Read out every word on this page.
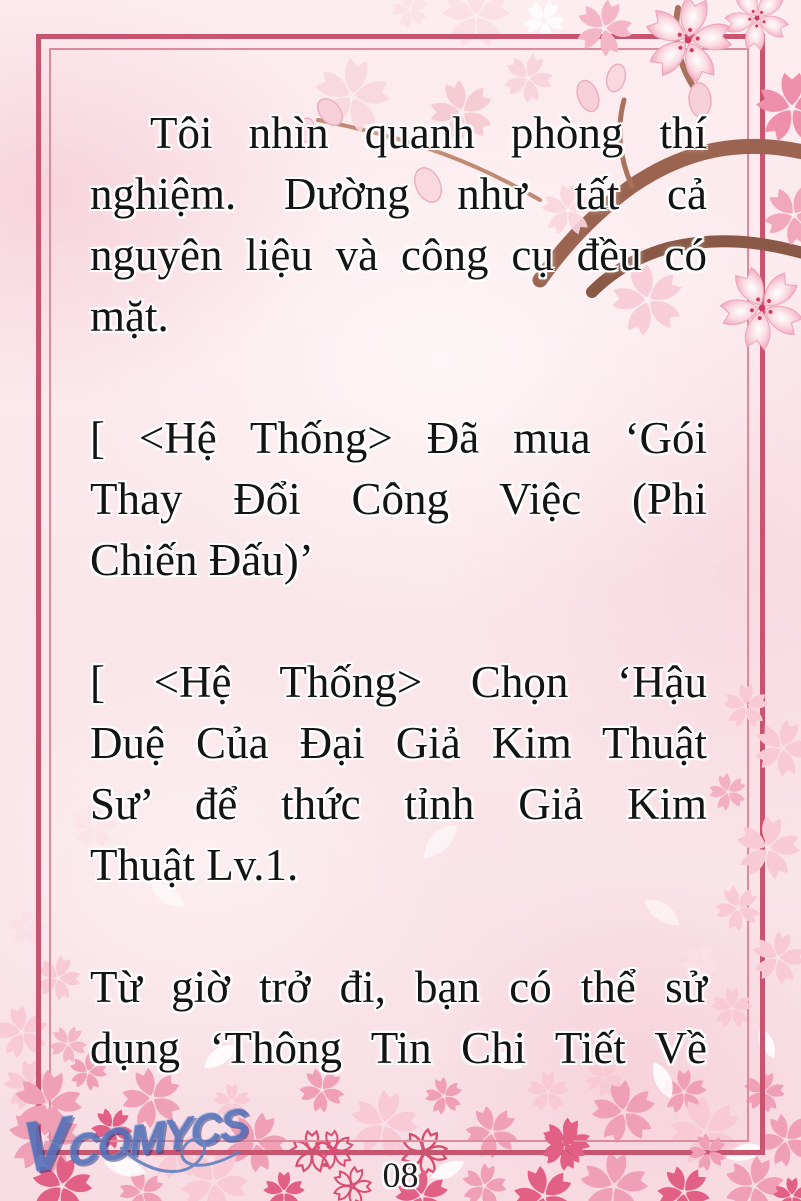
Tôi nhìn quanh phòng thí
nghiệm. Dường như tất cả
nguyên liệu và công cụ đều có
mặt.
[ <Hệ Thống> Đã mua ‘Gói
Thay Đổi Công Việc (Phi
Chiến Đấu)’
[ <Hệ Thống> Chọn ‘Hậu
Duệ Của Đại Giả Kim Thuật
Sư’ để thức tỉnh Giả Kim
Thuật Lv.1.
Từ giờ trở đi, bạn có thể sử
dụng ‘Thông Tin Chi Tiết Về
VCOMYCS	08
